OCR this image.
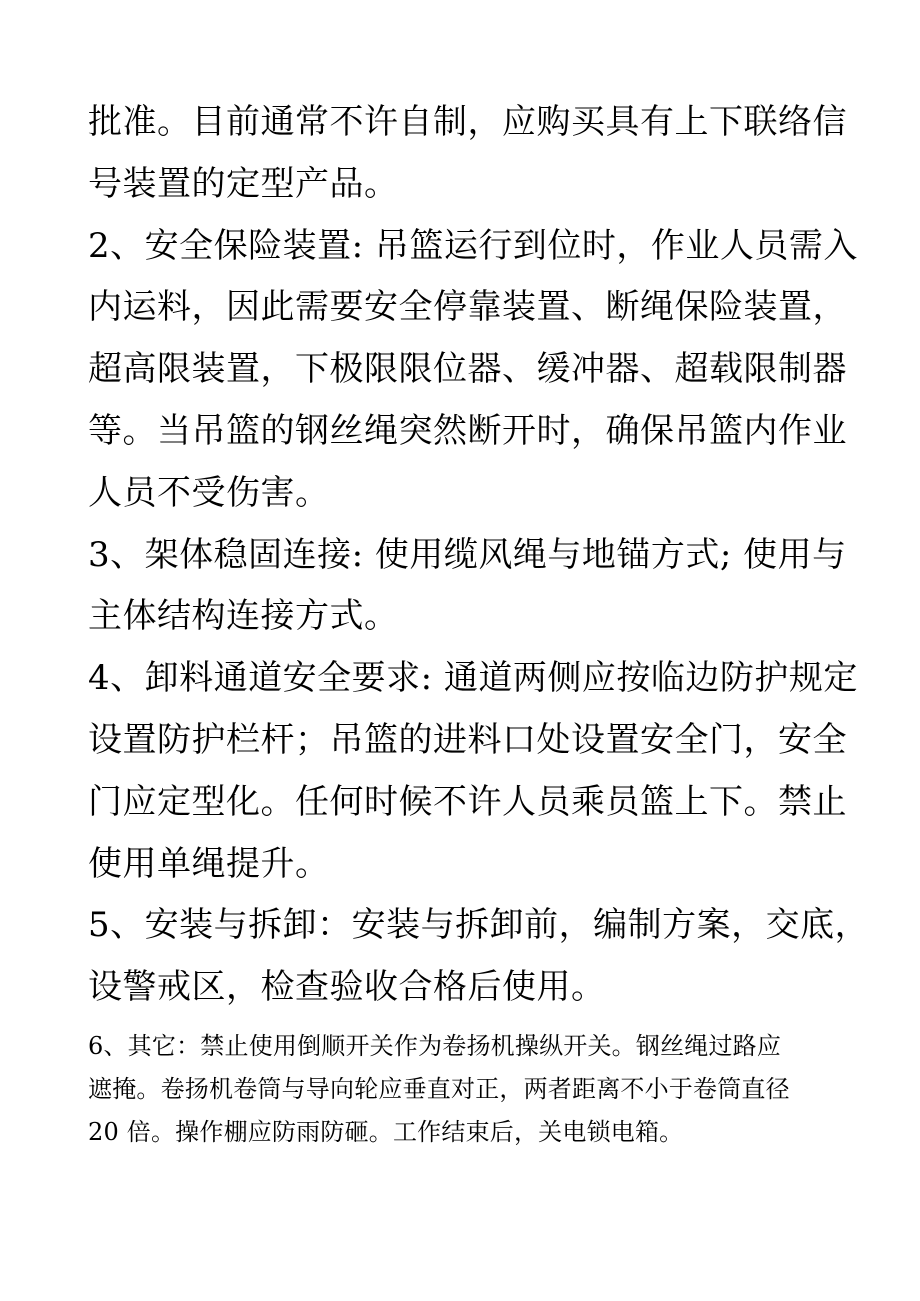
批准。目前通常不许自制，应购买具有上下联络信
号装置的定型产品。

2、安全保险装置: 吊篮运行到位时，作业人员需入
内运料，因此需要安全停靠装置、断绳保险装置，
超高限装置，下极限限位器、缓冲器、超载限制器
等。当吊篮的钢丝绳突然断开时，确保吊篮内作业
人员不受伤害。

3、架体稳固连接: 使用缆风绳与地锚方式; 使用与
主体结构连接方式。

4、卸料通道安全要求: 通道两侧应按临边防护规定
设置防护栏杆；吊篮的进料口处设置安全门，安全
门应定型化。任何时候不许人员乘员篮上下。禁止
使用单绳提升。

5、安装与拆卸：安装与拆卸前，编制方案，交底，
设警戒区，检查验收合格后使用。

6、其它：禁止使用倒顺开关作为卷扬机操纵开关。钢丝绳过路应
遮掩。卷扬机卷筒与导向轮应垂直对正，两者距离不小于卷筒直径
20 倍。操作棚应防雨防砸。工作结束后，关电锁电箱。
